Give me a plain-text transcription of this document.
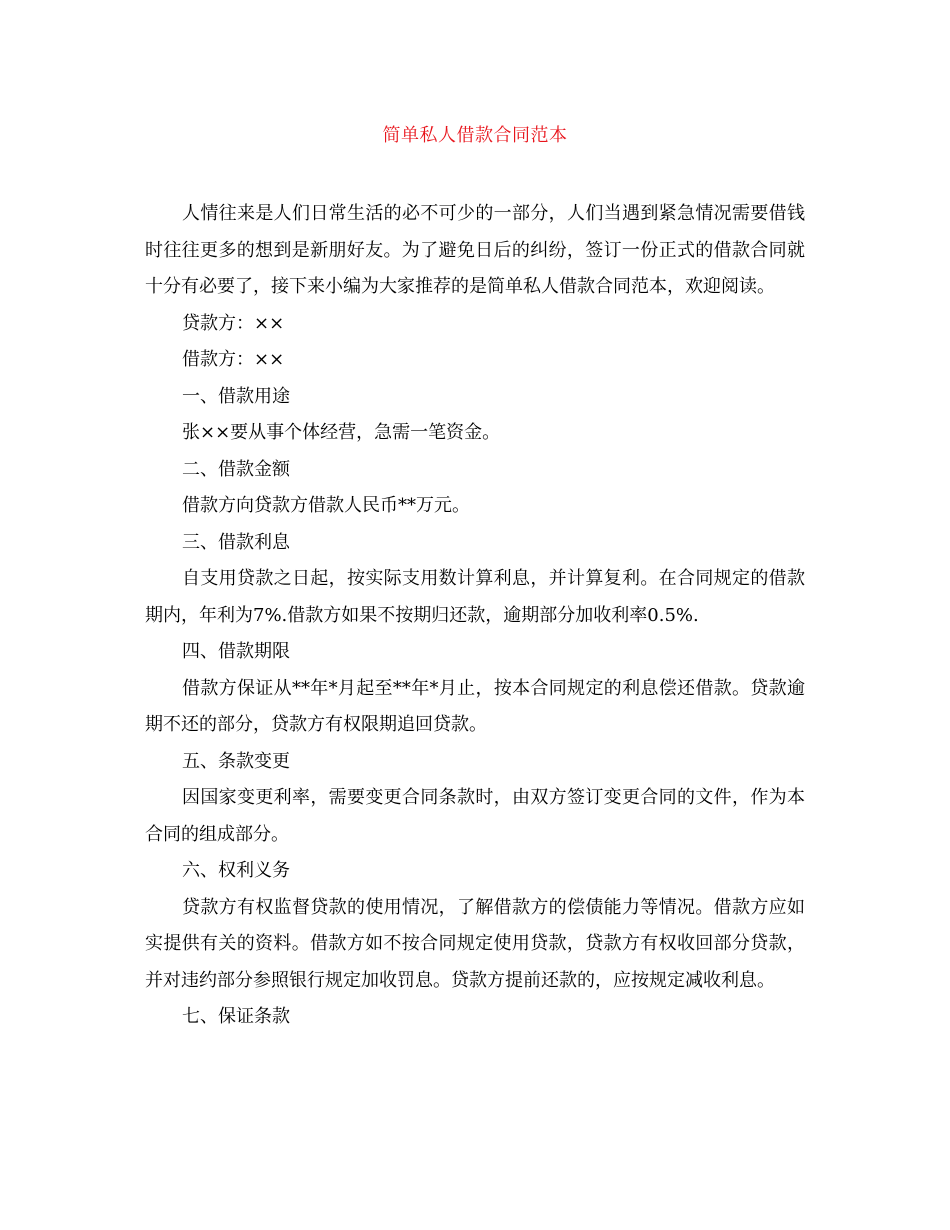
简单私人借款合同范本

人情往来是人们日常生活的必不可少的一部分，人们当遇到紧急情况需要借钱时往往更多的想到是新朋好友。为了避免日后的纠纷，签订一份正式的借款合同就十分有必要了，接下来小编为大家推荐的是简单私人借款合同范本，欢迎阅读。

贷款方：××

借款方：××

一、借款用途

张××要从事个体经营，急需一笔资金。

二、借款金额

借款方向贷款方借款人民币**万元。

三、借款利息

自支用贷款之日起，按实际支用数计算利息，并计算复利。在合同规定的借款期内，年利为7%.借款方如果不按期归还款，逾期部分加收利率0.5%.

四、借款期限

借款方保证从**年*月起至**年*月止，按本合同规定的利息偿还借款。贷款逾期不还的部分，贷款方有权限期追回贷款。

五、条款变更

因国家变更利率，需要变更合同条款时，由双方签订变更合同的文件，作为本合同的组成部分。

六、权利义务

贷款方有权监督贷款的使用情况，了解借款方的偿债能力等情况。借款方应如实提供有关的资料。借款方如不按合同规定使用贷款，贷款方有权收回部分贷款，并对违约部分参照银行规定加收罚息。贷款方提前还款的，应按规定减收利息。

七、保证条款
